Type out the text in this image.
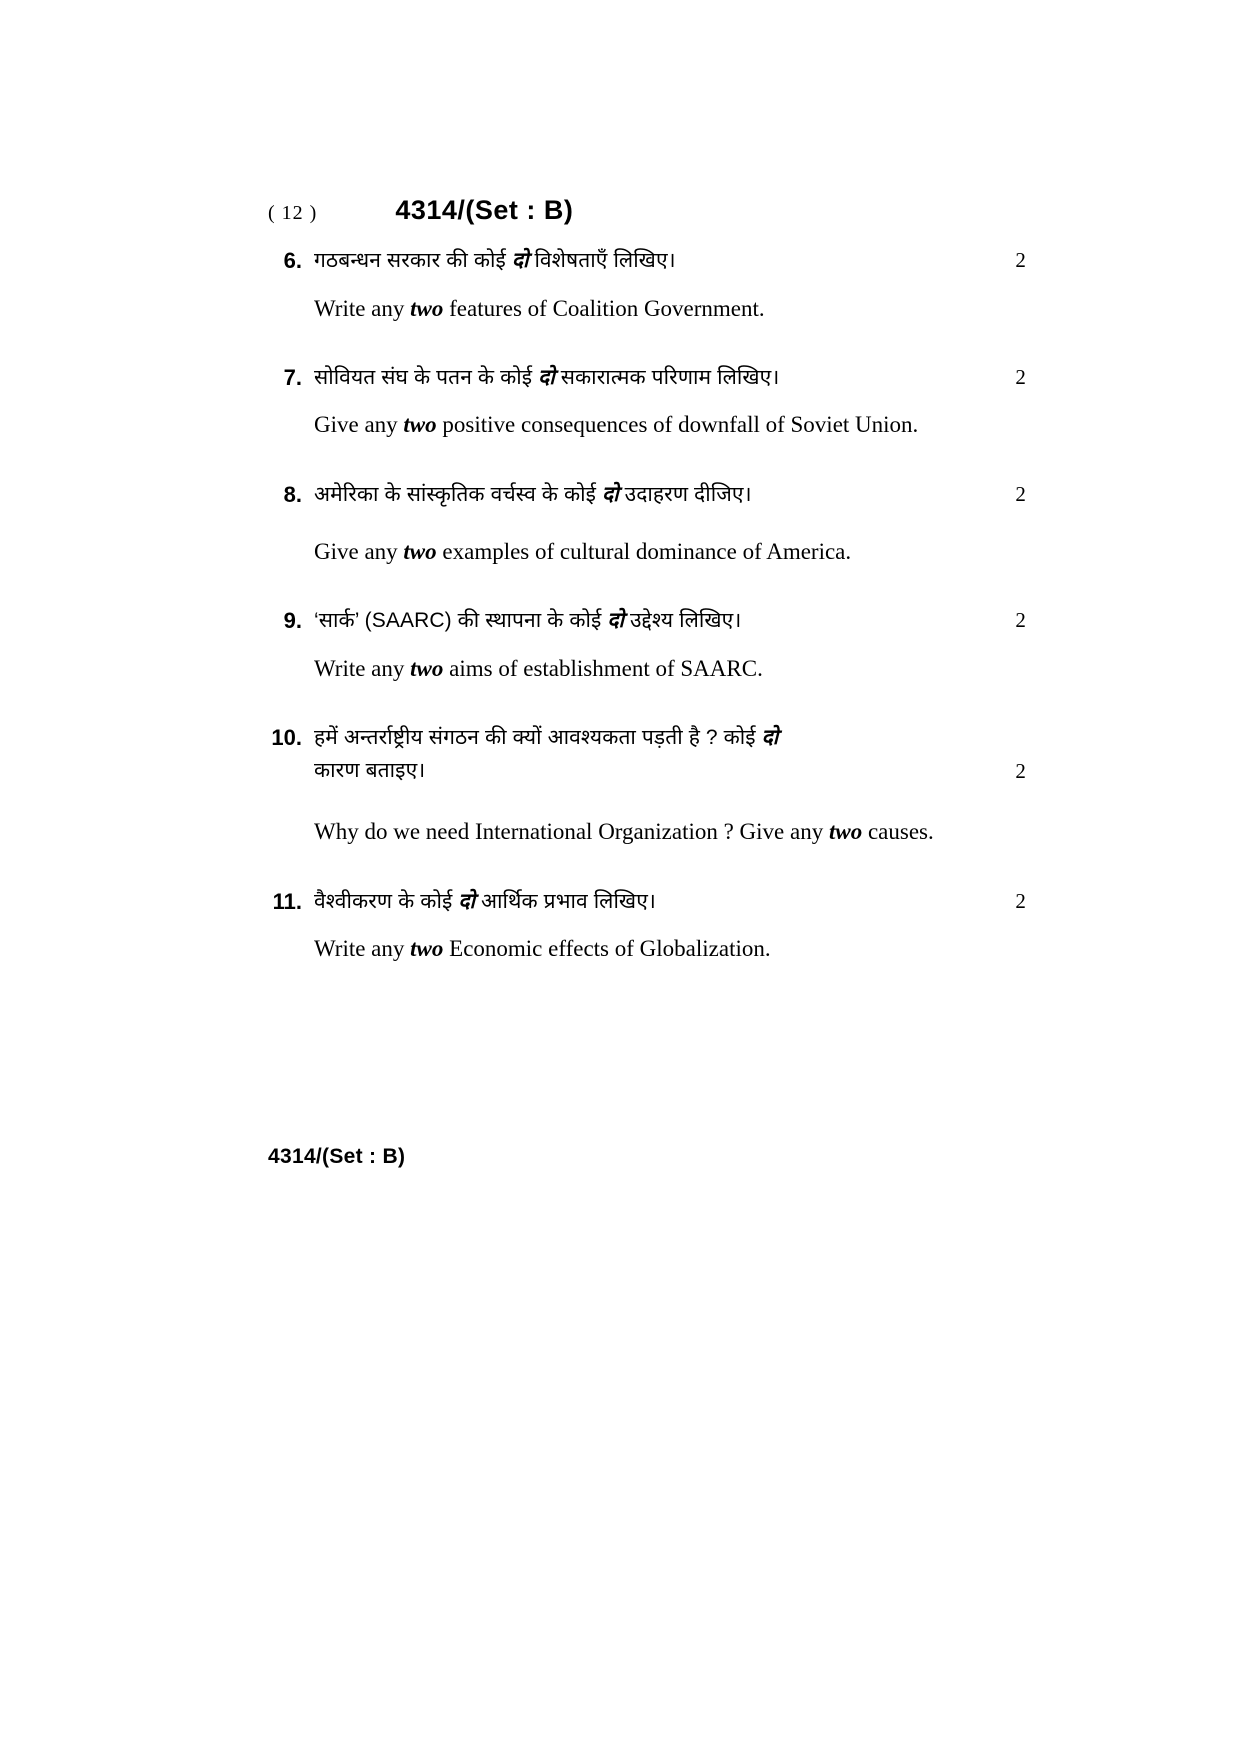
( 12 )	4314/(Set : B)
6. गठबन्धन सरकार की कोई दो विशेषताएँ लिखिए।	2
Write any two features of Coalition Government.
7. सोवियत संघ के पतन के कोई दो सकारात्मक परिणाम लिखिए।	2
Give any two positive consequences of downfall of Soviet Union.
8. अमेरिका के सांस्कृतिक वर्चस्व के कोई दो उदाहरण दीजिए।	2
Give any two examples of cultural dominance of America.
9. ‘सार्क’ (SAARC) की स्थापना के कोई दो उद्देश्य लिखिए।	2
Write any two aims of establishment of SAARC.
10. हमें अन्तर्राष्ट्रीय संगठन की क्यों आवश्यकता पड़ती है ? कोई दो
कारण बताइए।	2
Why do we need International Organization ? Give any two causes.
11. वैश्वीकरण के कोई दो आर्थिक प्रभाव लिखिए।	2
Write any two Economic effects of Globalization.
4314/(Set : B)
